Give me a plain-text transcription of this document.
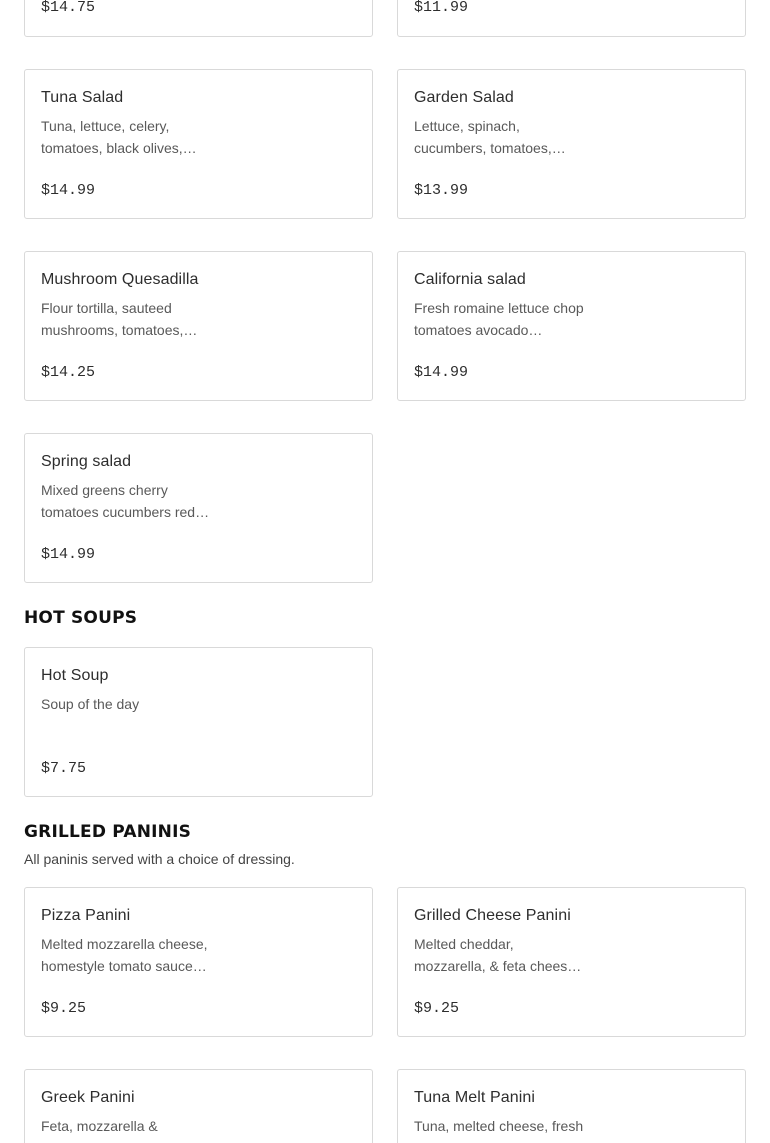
$14.75	$11.99
Tuna Salad
Tuna, lettuce, celery, tomatoes, black olives,…
$14.99
Garden Salad
Lettuce, spinach, cucumbers, tomatoes,…
$13.99
Mushroom Quesadilla
Flour tortilla, sauteed mushrooms, tomatoes,…
$14.25
California salad
Fresh romaine lettuce chop tomatoes avocado…
$14.99
Spring salad
Mixed greens cherry tomatoes cucumbers red…
$14.99
HOT SOUPS
Hot Soup
Soup of the day
$7.75
GRILLED PANINIS
All paninis served with a choice of dressing.
Pizza Panini
Melted mozzarella cheese, homestyle tomato sauce…
$9.25
Grilled Cheese Panini
Melted cheddar, mozzarella, & feta chees…
$9.25
Greek Panini
Feta, mozzarella &
Tuna Melt Panini
Tuna, melted cheese, fresh
